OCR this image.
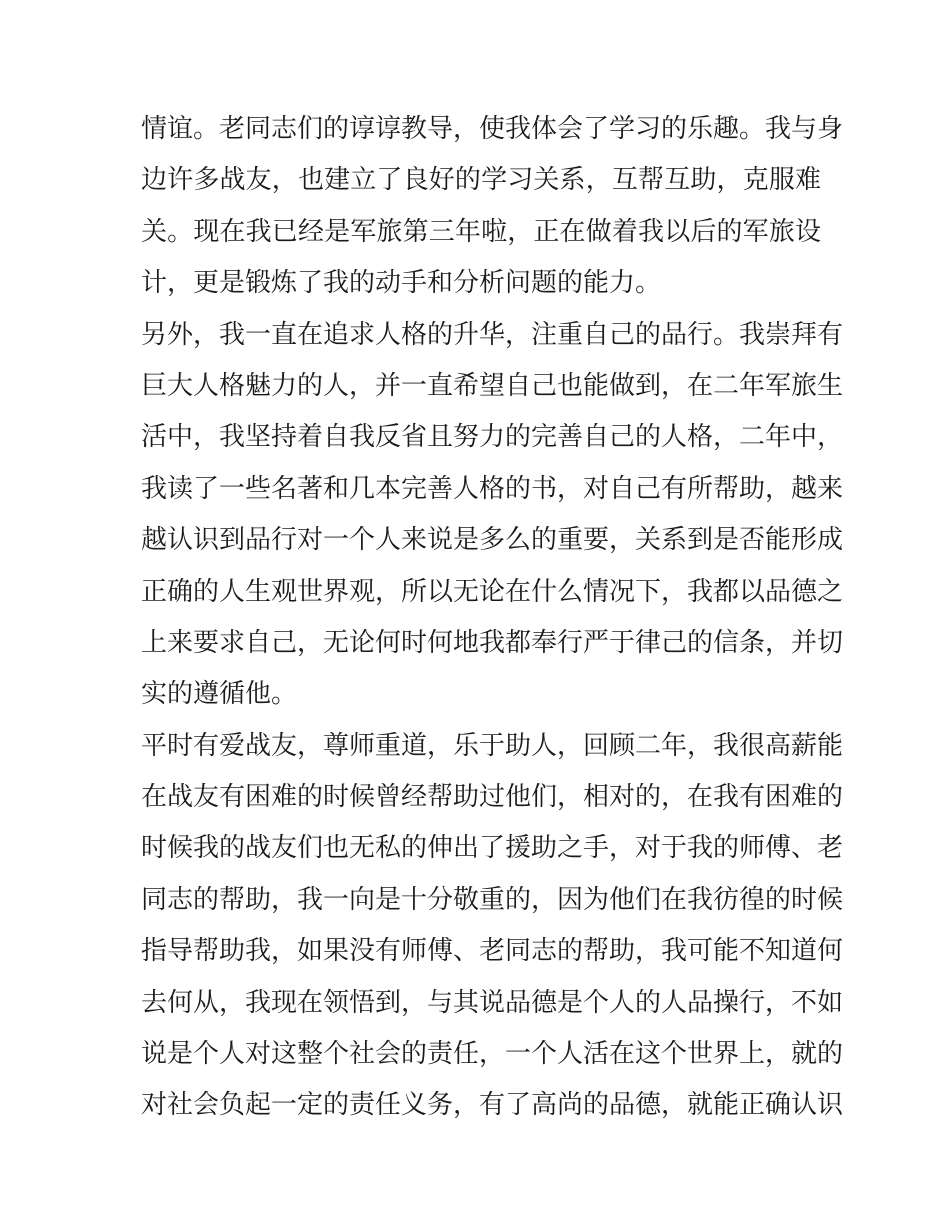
情谊。老同志们的谆谆教导，使我体会了学习的乐趣。我与身
边许多战友，也建立了良好的学习关系，互帮互助，克服难
关。现在我已经是军旅第三年啦，正在做着我以后的军旅设
计，更是锻炼了我的动手和分析问题的能力。
另外，我一直在追求人格的升华，注重自己的品行。我崇拜有
巨大人格魅力的人，并一直希望自己也能做到，在二年军旅生
活中，我坚持着自我反省且努力的完善自己的人格，二年中，
我读了一些名著和几本完善人格的书，对自己有所帮助，越来
越认识到品行对一个人来说是多么的重要，关系到是否能形成
正确的人生观世界观，所以无论在什么情况下，我都以品德之
上来要求自己，无论何时何地我都奉行严于律己的信条，并切
实的遵循他。
平时有爱战友，尊师重道，乐于助人，回顾二年，我很高薪能
在战友有困难的时候曾经帮助过他们，相对的，在我有困难的
时候我的战友们也无私的伸出了援助之手，对于我的师傅、老
同志的帮助，我一向是十分敬重的，因为他们在我彷徨的时候
指导帮助我，如果没有师傅、老同志的帮助，我可能不知道何
去何从，我现在领悟到，与其说品德是个人的人品操行，不如
说是个人对这整个社会的责任，一个人活在这个世界上，就的
对社会负起一定的责任义务，有了高尚的品德，就能正确认识
